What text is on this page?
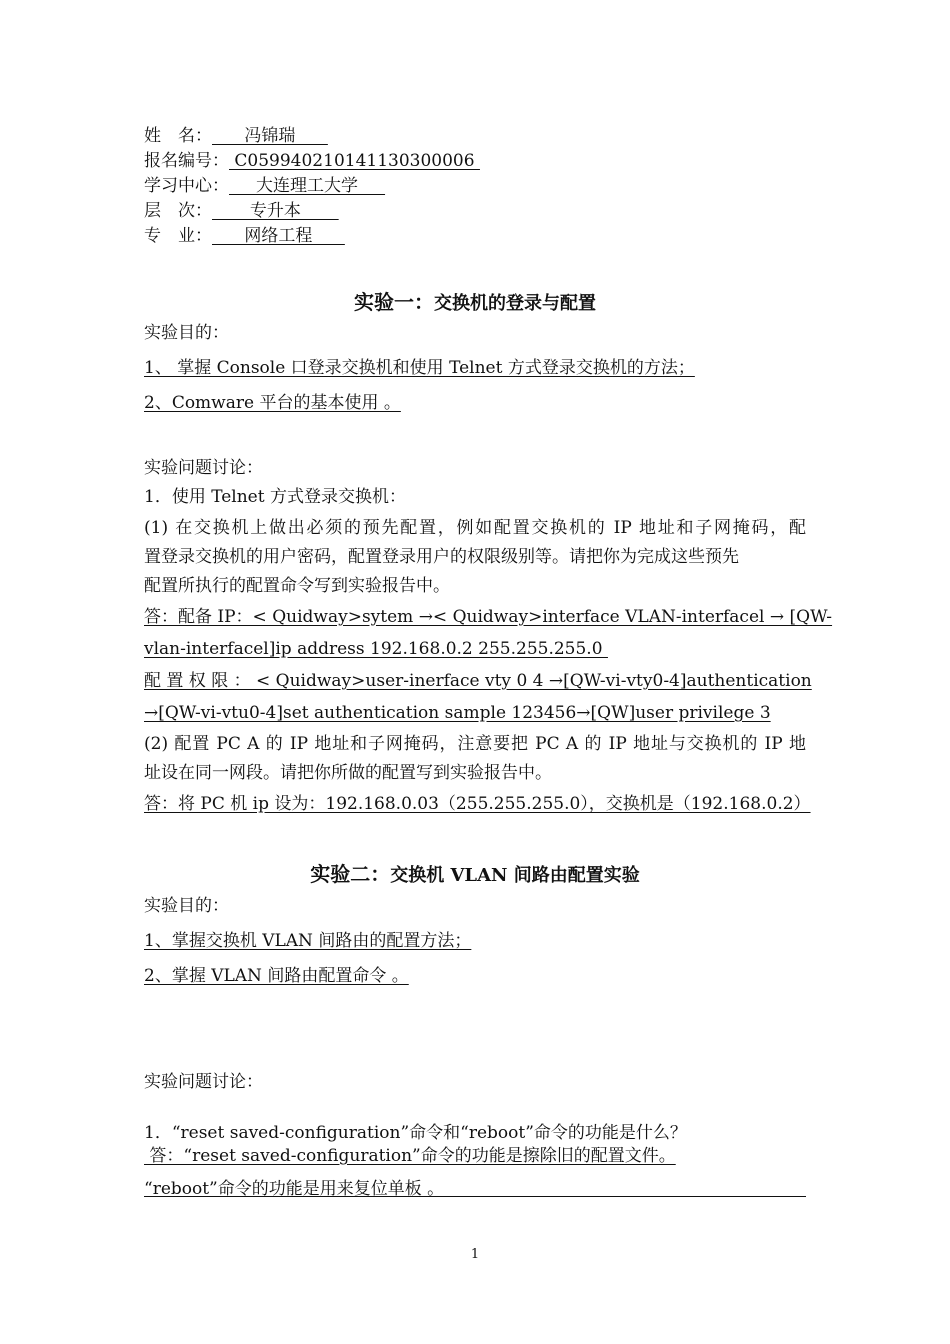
姓　名：      冯锦瑞
报名编号： C059940210141130300006
学习中心：     大连理工大学
层　次：       专升本
专　业：      网络工程
实验一：交换机的登录与配置
实验目的：
1、 掌握 Console 口登录交换机和使用 Telnet 方式登录交换机的方法；
2、Comware 平台的基本使用 。
实验问题讨论：
1．使用 Telnet 方式登录交换机：
(1) 在交换机上做出必须的预先配置，例如配置交换机的 IP 地址和子网掩码，配
置登录交换机的用户密码，配置登录用户的权限级别等。请把你为完成这些预先
配置所执行的配置命令写到实验报告中。
答：配备 IP：< Quidway>sytem →< Quidway>interface VLAN-interfacel → [QW-
vlan-interfacel]ip address 192.168.0.2 255.255.255.0
配 置 权 限 ： < Quidway>user-inerface vty 0 4 →[QW-vi-vty0-4]authentication
→[QW-vi-vtu0-4]set authentication sample 123456→[QW]user privilege 3
(2) 配置 PC A 的 IP 地址和子网掩码，注意要把 PC A 的 IP 地址与交换机的 IP 地
址设在同一网段。请把你所做的配置写到实验报告中。
答：将 PC 机 ip 设为：192.168.0.03（255.255.255.0），交换机是（192.168.0.2）
实验二：交换机 VLAN 间路由配置实验
实验目的：
1、掌握交换机 VLAN 间路由的配置方法；
2、掌握 VLAN 间路由配置命令 。
实验问题讨论：
1．“reset saved-configuration”命令和“reboot”命令的功能是什么？
答：“reset saved-configuration”命令的功能是擦除旧的配置文件。
“reboot”命令的功能是用来复位单板 。
1
